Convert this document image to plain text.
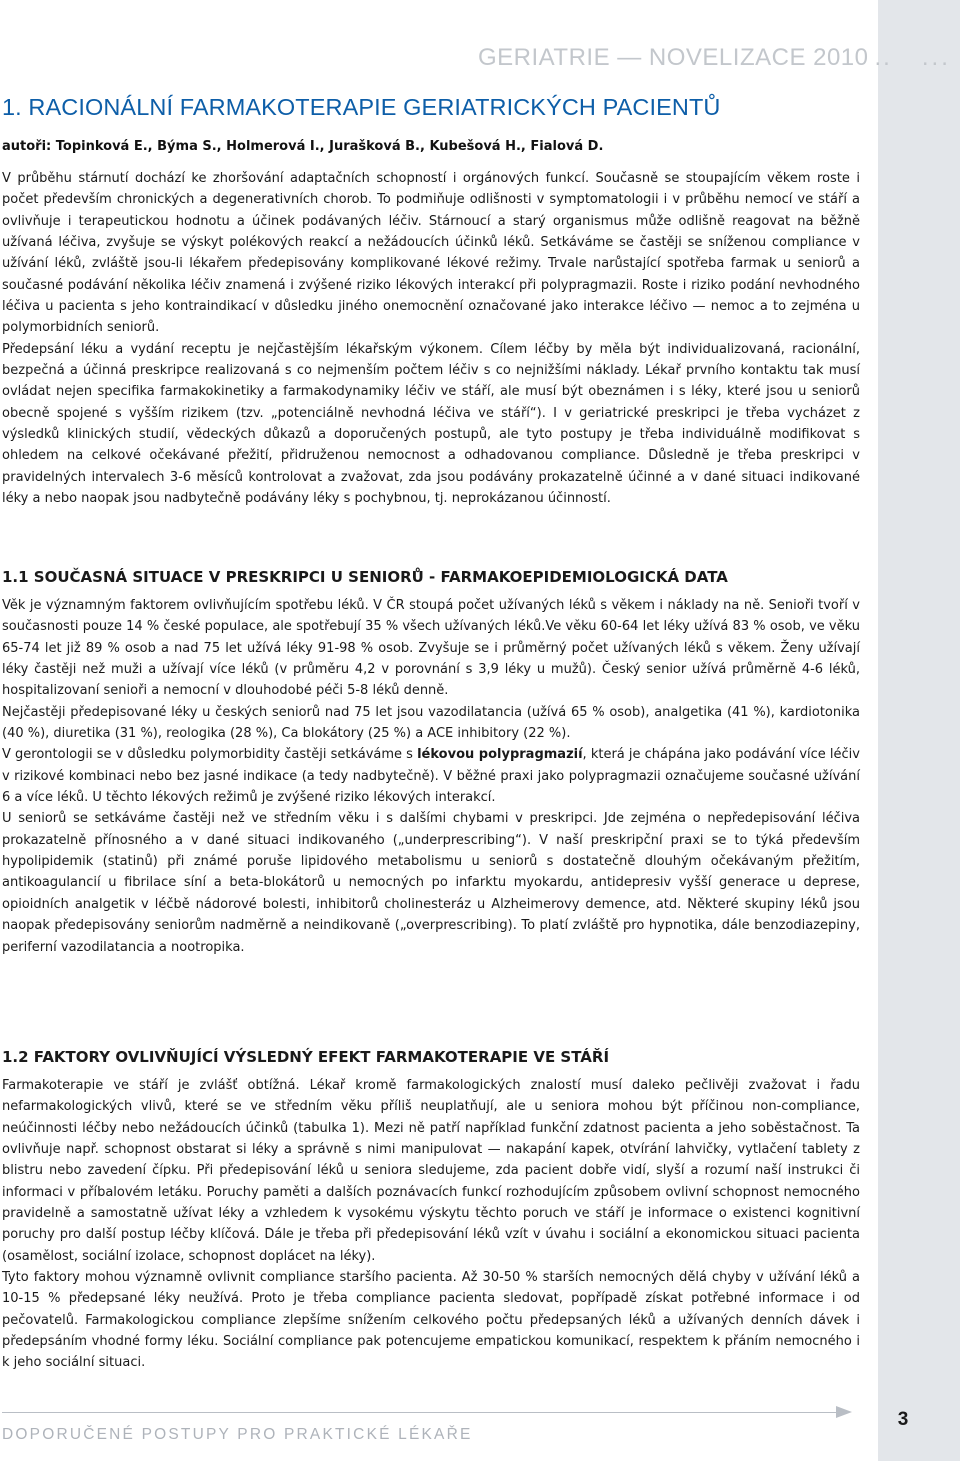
GERIATRIE — NOVELIZACE 2010 .. ...
1. RACIONÁLNÍ FARMAKOTERAPIE GERIATRICKÝCH PACIENTŮ
autoři: Topinková E., Býma S., Holmerová I., Jurašková B., Kubešová H., Fialová D.

V průběhu stárnutí dochází ke zhoršování adaptačních schopností i orgánových funkcí. Současně se stoupajícím věkem roste i počet především chronických a degenerativních chorob. To podmiňuje odlišnosti v symptomatologii i v průběhu nemocí ve stáří a ovlivňuje i terapeutickou hodnotu a účinek podávaných léčiv. Stárnoucí a starý organismus může odlišně reagovat na běžně užívaná léčiva, zvyšuje se výskyt polékových reakcí a nežádoucích účinků léků. Setkáváme se častěji se sníženou compliance v užívání léků, zvláště jsou-li lékařem předepisovány komplikované lékové režimy. Trvale narůstající spotřeba farmak u seniorů a současné podávání několika léčiv znamená i zvýšené riziko lékových interakcí při polypragmazii. Roste i riziko podání nevhodného léčiva u pacienta s jeho kontraindikací v důsledku jiného onemocnění označované jako interakce léčivo — nemoc a to zejména u polymorbidních seniorů.

Předepsání léku a vydání receptu je nejčastějším lékařským výkonem. Cílem léčby by měla být individualizovaná, racionální, bezpečná a účinná preskripce realizovaná s co nejmenším počtem léčiv s co nejnižšími náklady. Lékař prvního kontaktu tak musí ovládat nejen specifika farmakokinetiky a farmakodynamiky léčiv ve stáří, ale musí být obeznámen i s léky, které jsou u seniorů obecně spojené s vyšším rizikem (tzv. „potenciálně nevhodná léčiva ve stáří“). I v geriatrické preskripci je třeba vycházet z výsledků klinických studií, vědeckých důkazů a doporučených postupů, ale tyto postupy je třeba individuálně modifikovat s ohledem na celkové očekávané přežití, přidruženou nemocnost a odhadovanou compliance. Důsledně je třeba preskripci v pravidelných intervalech 3-6 měsíců kontrolovat a zvažovat, zda jsou podávány prokazatelně účinné a v dané situaci indikované léky a nebo naopak jsou nadbytečně podávány léky s pochybnou, tj. neprokázanou účinností.

1.1 SOUČASNÁ SITUACE V PRESKRIPCI U SENIORŮ - FARMAKOEPIDEMIOLOGICKÁ DATA

Věk je významným faktorem ovlivňujícím spotřebu léků. V ČR stoupá počet užívaných léků s věkem i náklady na ně. Senioři tvoří v současnosti pouze 14 % české populace, ale spotřebují 35 % všech užívaných léků.Ve věku 60-64 let léky užívá 83 % osob, ve věku 65-74 let již 89 % osob a nad 75 let užívá léky 91-98 % osob. Zvyšuje se i průměrný počet užívaných léků s věkem. Ženy užívají léky častěji než muži a užívají více léků (v průměru 4,2 v porovnání s 3,9 léky u mužů). Český senior užívá průměrně 4-6 léků, hospitalizovaní senioři a nemocní v dlouhodobé péči 5-8 léků denně.

Nejčastěji předepisované léky u českých seniorů nad 75 let jsou vazodilatancia (užívá 65 % osob), analgetika (41 %), kardiotonika (40 %), diuretika (31 %), reologika (28 %), Ca blokátory (25 %) a ACE inhibitory (22 %).

V gerontologii se v důsledku polymorbidity častěji setkáváme s lékovou polypragmazií, která je chápána jako podávání více léčiv v rizikové kombinaci nebo bez jasné indikace (a tedy nadbytečně). V běžné praxi jako polypragmazii označujeme současné užívání 6 a více léků. U těchto lékových režimů je zvýšené riziko lékových interakcí.

U seniorů se setkáváme častěji než ve středním věku i s dalšími chybami v preskripci. Jde zejména o nepředepisování léčiva prokazatelně přínosného a v dané situaci indikovaného („underprescribing“). V naší preskripční praxi se to týká především hypolipidemik (statinů) při známé poruše lipidového metabolismu u seniorů s dostatečně dlouhým očekávaným přežitím, antikoagulancií u fibrilace síní a beta-blokátorů u nemocných po infarktu myokardu, antidepresiv vyšší generace u deprese, opioidních analgetik v léčbě nádorové bolesti, inhibitorů cholinesteráz u Alzheimerovy demence, atd. Některé skupiny léků jsou naopak předepisovány seniorům nadměrně a neindikovaně („overprescribing). To platí zvláště pro hypnotika, dále benzodiazepiny, periferní vazodilatancia a nootropika.

1.2 FAKTORY OVLIVŇUJÍCÍ VÝSLEDNÝ EFEKT FARMAKOTERAPIE VE STÁŘÍ

Farmakoterapie ve stáří je zvlášť obtížná. Lékař kromě farmakologických znalostí musí daleko pečlivěji zvažovat i řadu nefarmakologických vlivů, které se ve středním věku příliš neuplatňují, ale u seniora mohou být příčinou non-compliance, neúčinnosti léčby nebo nežádoucích účinků (tabulka 1). Mezi ně patří například funkční zdatnost pacienta a jeho soběstačnost. Ta ovlivňuje např. schopnost obstarat si léky a správně s nimi manipulovat — nakapání kapek, otvírání lahvičky, vytlačení tablety z blistru nebo zavedení čípku. Při předepisování léků u seniora sledujeme, zda pacient dobře vidí, slyší a rozumí naší instrukci či informaci v příbalovém letáku. Poruchy paměti a dalších poznávacích funkcí rozhodujícím způsobem ovlivní schopnost nemocného pravidelně a samostatně užívat léky a vzhledem k vysokému výskytu těchto poruch ve stáří je informace o existenci kognitivní poruchy pro další postup léčby klíčová. Dále je třeba při předepisování léků vzít v úvahu i sociální a ekonomickou situaci pacienta (osamělost, sociální izolace, schopnost doplácet na léky).

Tyto faktory mohou významně ovlivnit compliance staršího pacienta. Až 30-50 % starších nemocných dělá chyby v užívání léků a 10-15 % předepsané léky neužívá. Proto je třeba compliance pacienta sledovat, popřípadě získat potřebné informace i od pečovatelů. Farmakologickou compliance zlepšíme snížením celkového počtu předepsaných léků a užívaných denních dávek i předepsáním vhodné formy léku. Sociální compliance pak potencujeme empatickou komunikací, respektem k přáním nemocného i k jeho sociální situaci.

DOPORUČENÉ POSTUPY PRO PRAKTICKÉ LÉKAŘE
3
